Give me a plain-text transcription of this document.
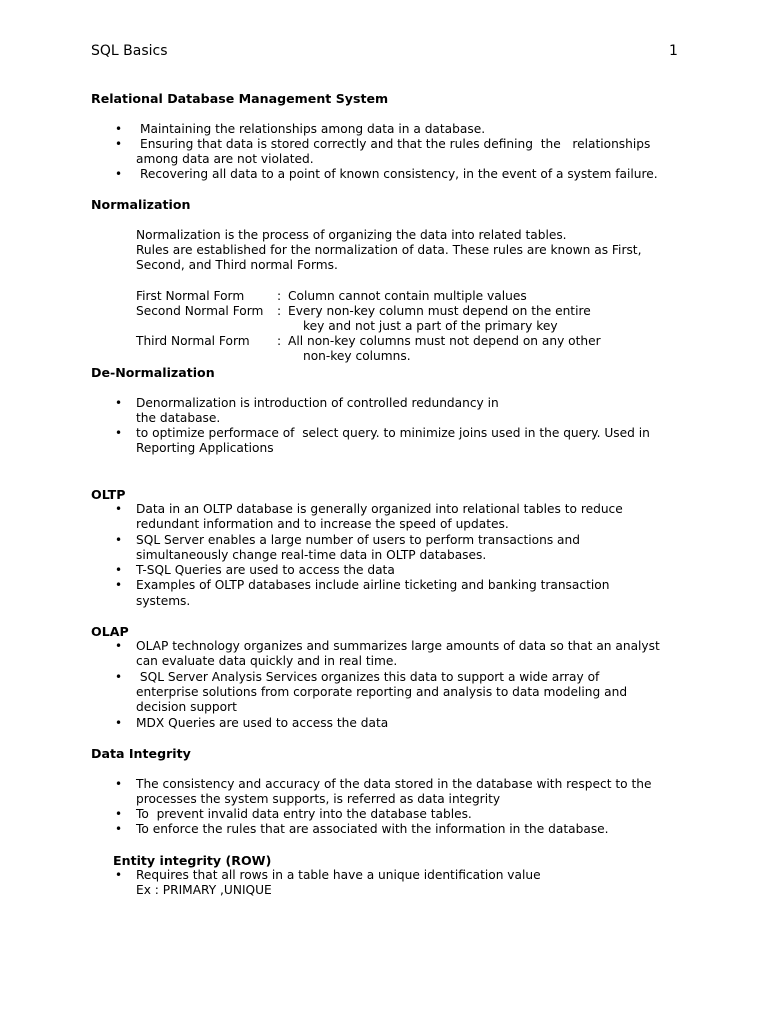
SQL Basics	1
Relational Database Management System
• Maintaining the relationships among data in a database.
• Ensuring that data is stored correctly and that the rules defining  the   relationships
among data are not violated.
• Recovering all data to a point of known consistency, in the event of a system failure.
Normalization
Normalization is the process of organizing the data into related tables.
Rules are established for the normalization of data. These rules are known as First,
Second, and Third normal Forms.
First Normal Form	: Column cannot contain multiple values
Second Normal Form : Every non-key column must depend on the entire
key and not just a part of the primary key
Third Normal Form : All non-key columns must not depend on any other
non-key columns.
De-Normalization
• Denormalization is introduction of controlled redundancy in
the database.
• to optimize performace of  select query. to minimize joins used in the query. Used in
Reporting Applications
OLTP
• Data in an OLTP database is generally organized into relational tables to reduce
redundant information and to increase the speed of updates.
• SQL Server enables a large number of users to perform transactions and
simultaneously change real-time data in OLTP databases.
• T-SQL Queries are used to access the data
• Examples of OLTP databases include airline ticketing and banking transaction
systems.
OLAP
• OLAP technology organizes and summarizes large amounts of data so that an analyst
can evaluate data quickly and in real time.
• SQL Server Analysis Services organizes this data to support a wide array of
enterprise solutions from corporate reporting and analysis to data modeling and
decision support
• MDX Queries are used to access the data
Data Integrity
• The consistency and accuracy of the data stored in the database with respect to the
processes the system supports, is referred as data integrity
• To  prevent invalid data entry into the database tables.
• To enforce the rules that are associated with the information in the database.
Entity integrity (ROW)
• Requires that all rows in a table have a unique identification value
Ex : PRIMARY ,UNIQUE
